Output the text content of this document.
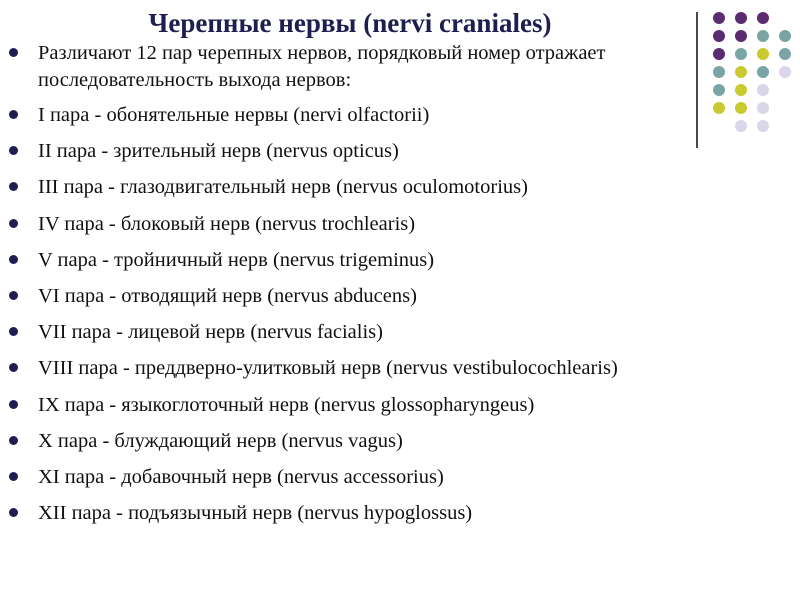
Черепные нервы (nervi craniales)
Различают 12 пар черепных нервов, порядковый номер отражает
последовательность выхода нервов:
I пара - обонятельные нервы (nervi olfactorii)
II пара - зрительный нерв (nervus opticus)
III пара - глазодвигательный нерв (nervus oculomotorius)
IV пара - блоковый нерв (nervus trochlearis)
V пара - тройничный нерв (nervus trigeminus)
VI пара - отводящий нерв (nervus abducens)
VII пара - лицевой нерв (nervus facialis)
VIII пара - преддверно-улитковый нерв (nervus vestibulocochlearis)
IX пара - языкоглоточный нерв (nervus glossopharyngeus)
X пара - блуждающий нерв (nervus vagus)
XI пара - добавочный нерв (nervus accessorius)
XII пара - подъязычный нерв (nervus hypoglossus)
